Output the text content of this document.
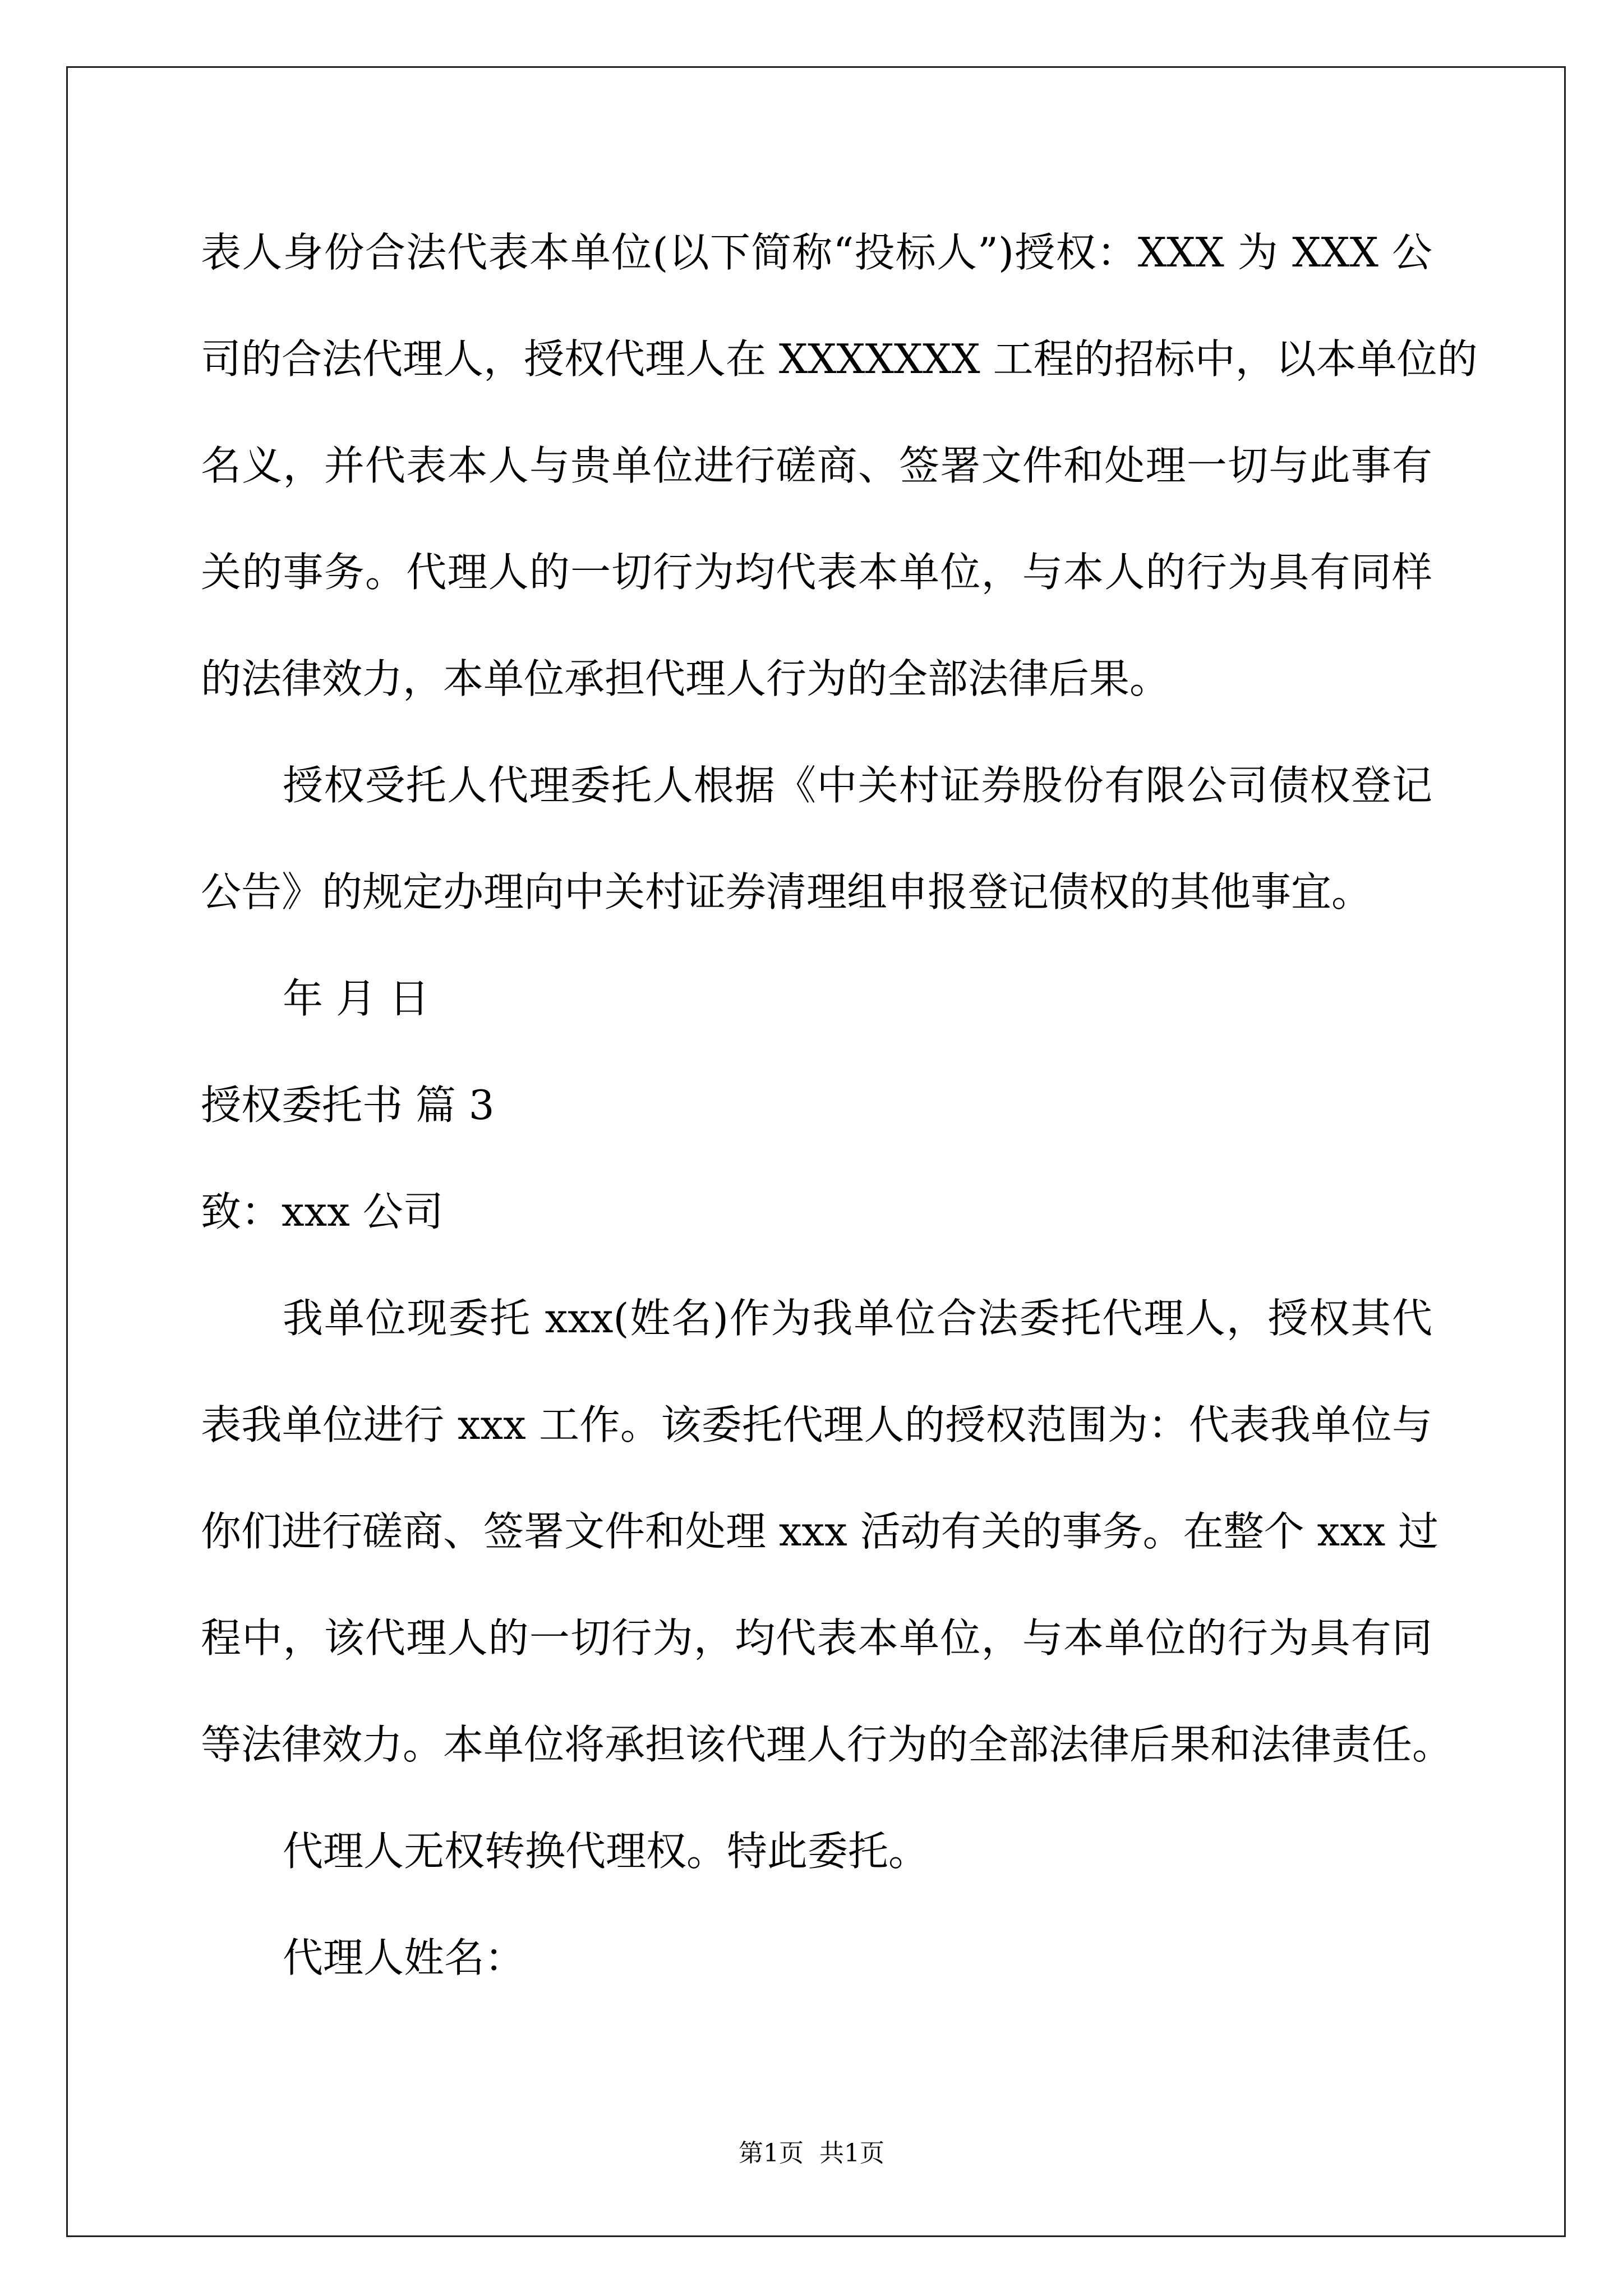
表人身份合法代表本单位(以下简称“投标人”)授权：XXX 为 XXX 公
司的合法代理人，授权代理人在 XXXXXXX 工程的招标中，以本单位的
名义，并代表本人与贵单位进行磋商、签署文件和处理一切与此事有
关的事务。代理人的一切行为均代表本单位，与本人的行为具有同样
的法律效力，本单位承担代理人行为的全部法律后果。
授权受托人代理委托人根据《中关村证券股份有限公司债权登记
公告》的规定办理向中关村证券清理组申报登记债权的其他事宜。
年 月 日
授权委托书 篇 3
致：xxx 公司
我单位现委托 xxx(姓名)作为我单位合法委托代理人，授权其代
表我单位进行 xxx 工作。该委托代理人的授权范围为：代表我单位与
你们进行磋商、签署文件和处理 xxx 活动有关的事务。在整个 xxx 过
程中，该代理人的一切行为，均代表本单位，与本单位的行为具有同
等法律效力。本单位将承担该代理人行为的全部法律后果和法律责任。
代理人无权转换代理权。特此委托。
代理人姓名：
第1页  共1页
